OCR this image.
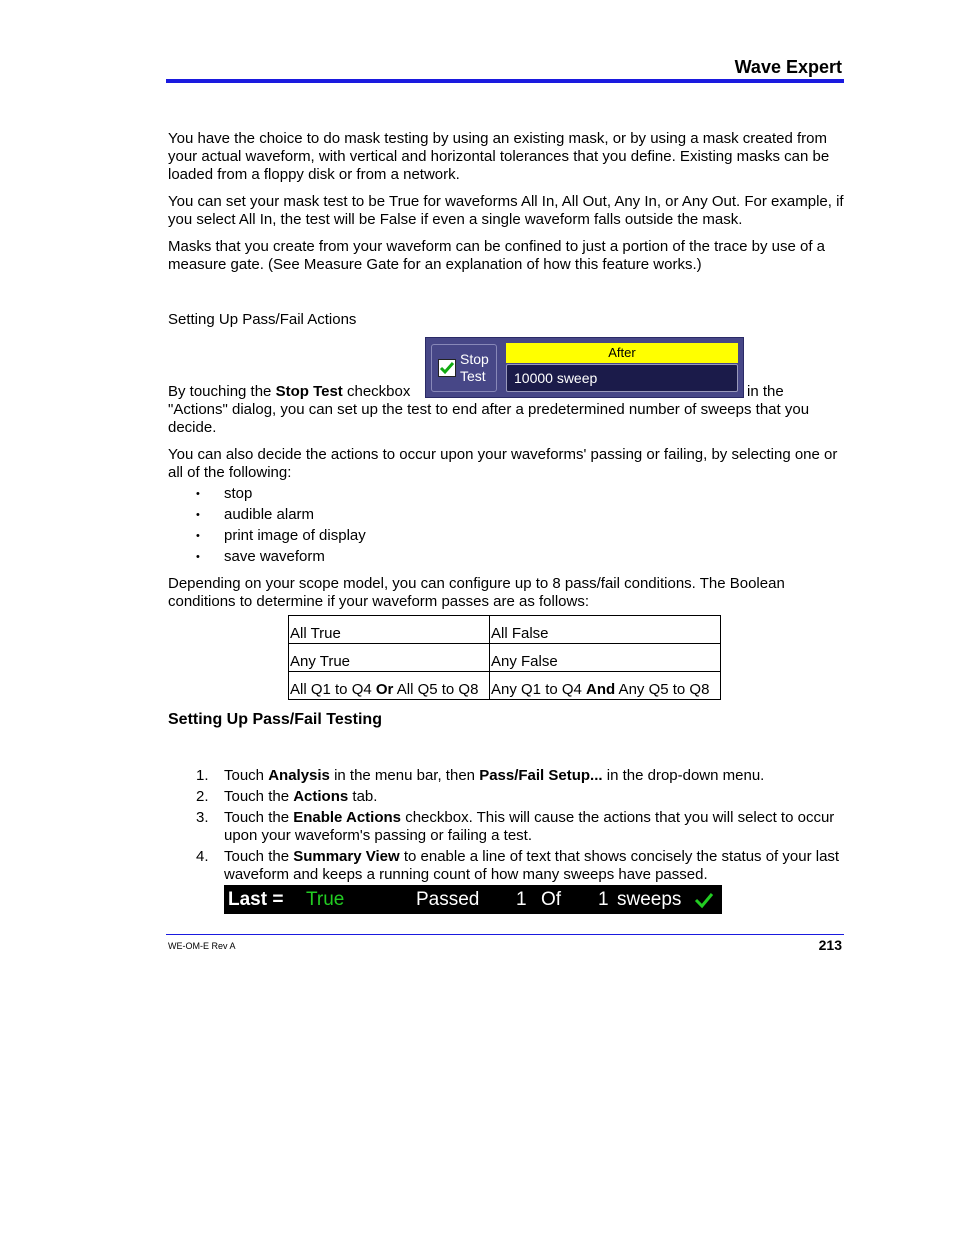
Wave Expert

You have the choice to do mask testing by using an existing mask, or by using a mask created from your actual waveform, with vertical and horizontal tolerances that you define. Existing masks can be loaded from a floppy disk or from a network.

You can set your mask test to be True for waveforms All In, All Out, Any In, or Any Out. For example, if you select All In, the test will be False if even a single waveform falls outside the mask.

Masks that you create from your waveform can be confined to just a portion of the trace by use of a measure gate. (See Measure Gate for an explanation of how this feature works.)

Setting Up Pass/Fail Actions
Stop
Test
After
10000 sweep
By touching the Stop Test checkbox	in the

"Actions" dialog, you can set up the test to end after a predetermined number of sweeps that you decide.

You can also decide the actions to occur upon your waveforms' passing or failing, by selecting one or all of the following:

• stop
• audible alarm
• print image of display
• save waveform

Depending on your scope model, you can configure up to 8 pass/fail conditions. The Boolean conditions to determine if your waveform passes are as follows:

All True	All False
Any True	Any False
All Q1 to Q4 Or All Q5 to Q8	Any Q1 to Q4 And Any Q5 to Q8
Setting Up Pass/Fail Testing
1. Touch Analysis in the menu bar, then Pass/Fail Setup... in the drop-down menu.
2. Touch the Actions tab.
3. Touch the Enable Actions checkbox. This will cause the actions that you will select to occur upon your waveform's passing or failing a test.
4. Touch the Summary View to enable a line of text that shows concisely the status of your last waveform and keeps a running count of how many sweeps have passed.
Last = True	Passed 1 Of 1 sweeps
WE-OM-E Rev A	213
